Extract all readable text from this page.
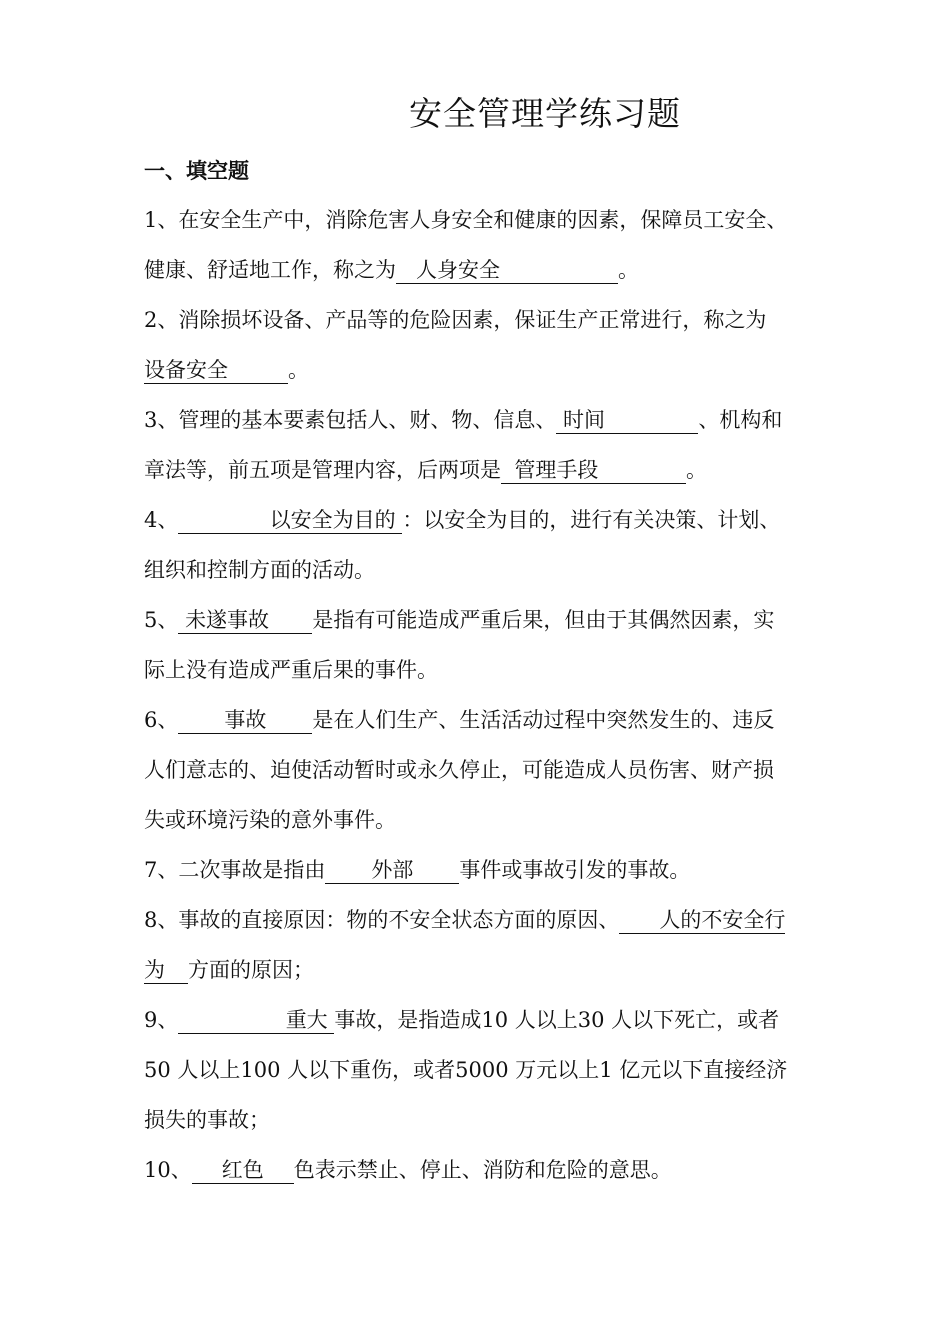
安全管理学练习题
一、填空题
1、在安全生产中，消除危害人身安全和健康的因素，保障员工安全、
健康、舒适地工作，称之为 人身安全	。
2、消除损坏设备、产品等的危险因素，保证生产正常进行，称之为
设备安全	。
3、管理的基本要素包括人、财、物、信息、 时间	、机构和
章法等，前五项是管理内容，后两项是 管理手段	。
4、	以安全为目的 ：以安全为目的，进行有关决策、计划、
组织和控制方面的活动。
5、 未遂事故 是指有可能造成严重后果，但由于其偶然因素，实
际上没有造成严重后果的事件。
6、 事故 是在人们生产、生活活动过程中突然发生的、违反
人们意志的、迫使活动暂时或永久停止，可能造成人员伤害、财产损
失或环境污染的意外事件。
7、二次事故是指由 外部 事件或事故引发的事故。
8、事故的直接原因：物的不安全状态方面的原因、 人的不安全行
为 方面的原因；
9、	重大 事故，是指造成10 人以上30 人以下死亡，或者
50 人以上100 人以下重伤，或者5000 万元以上1 亿元以下直接经济
损失的事故；
10、 红色 色表示禁止、停止、消防和危险的意思。
